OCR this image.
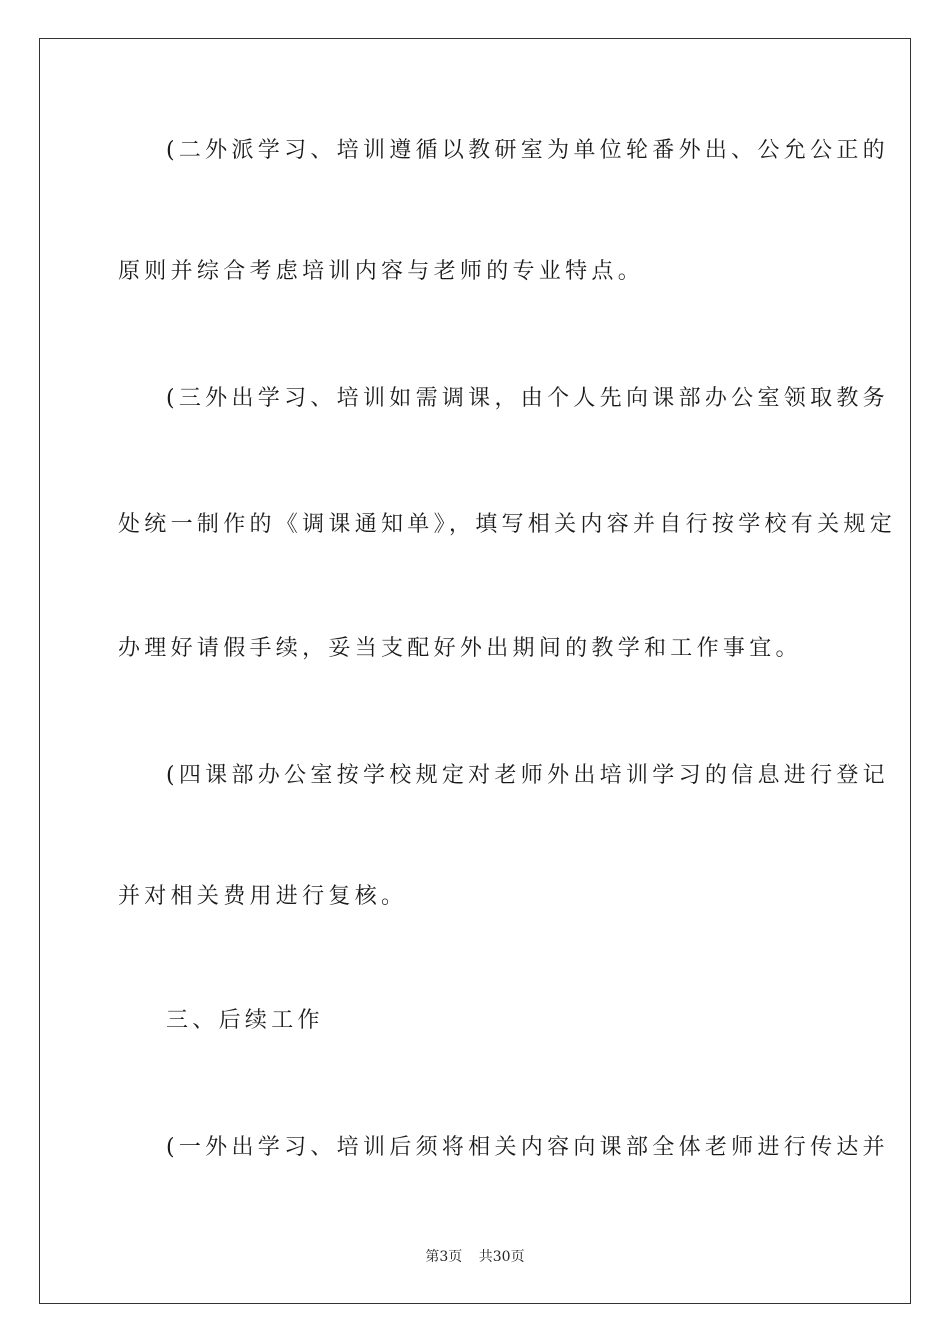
(二外派学习、培训遵循以教研室为单位轮番外出、公允公正的
原则并综合考虑培训内容与老师的专业特点。
(三外出学习、培训如需调课，由个人先向课部办公室领取教务
处统一制作的《调课通知单》，填写相关内容并自行按学校有关规定
办理好请假手续，妥当支配好外出期间的教学和工作事宜。
(四课部办公室按学校规定对老师外出培训学习的信息进行登记
并对相关费用进行复核。
三、后续工作
(一外出学习、培训后须将相关内容向课部全体老师进行传达并
第3页 共30页
